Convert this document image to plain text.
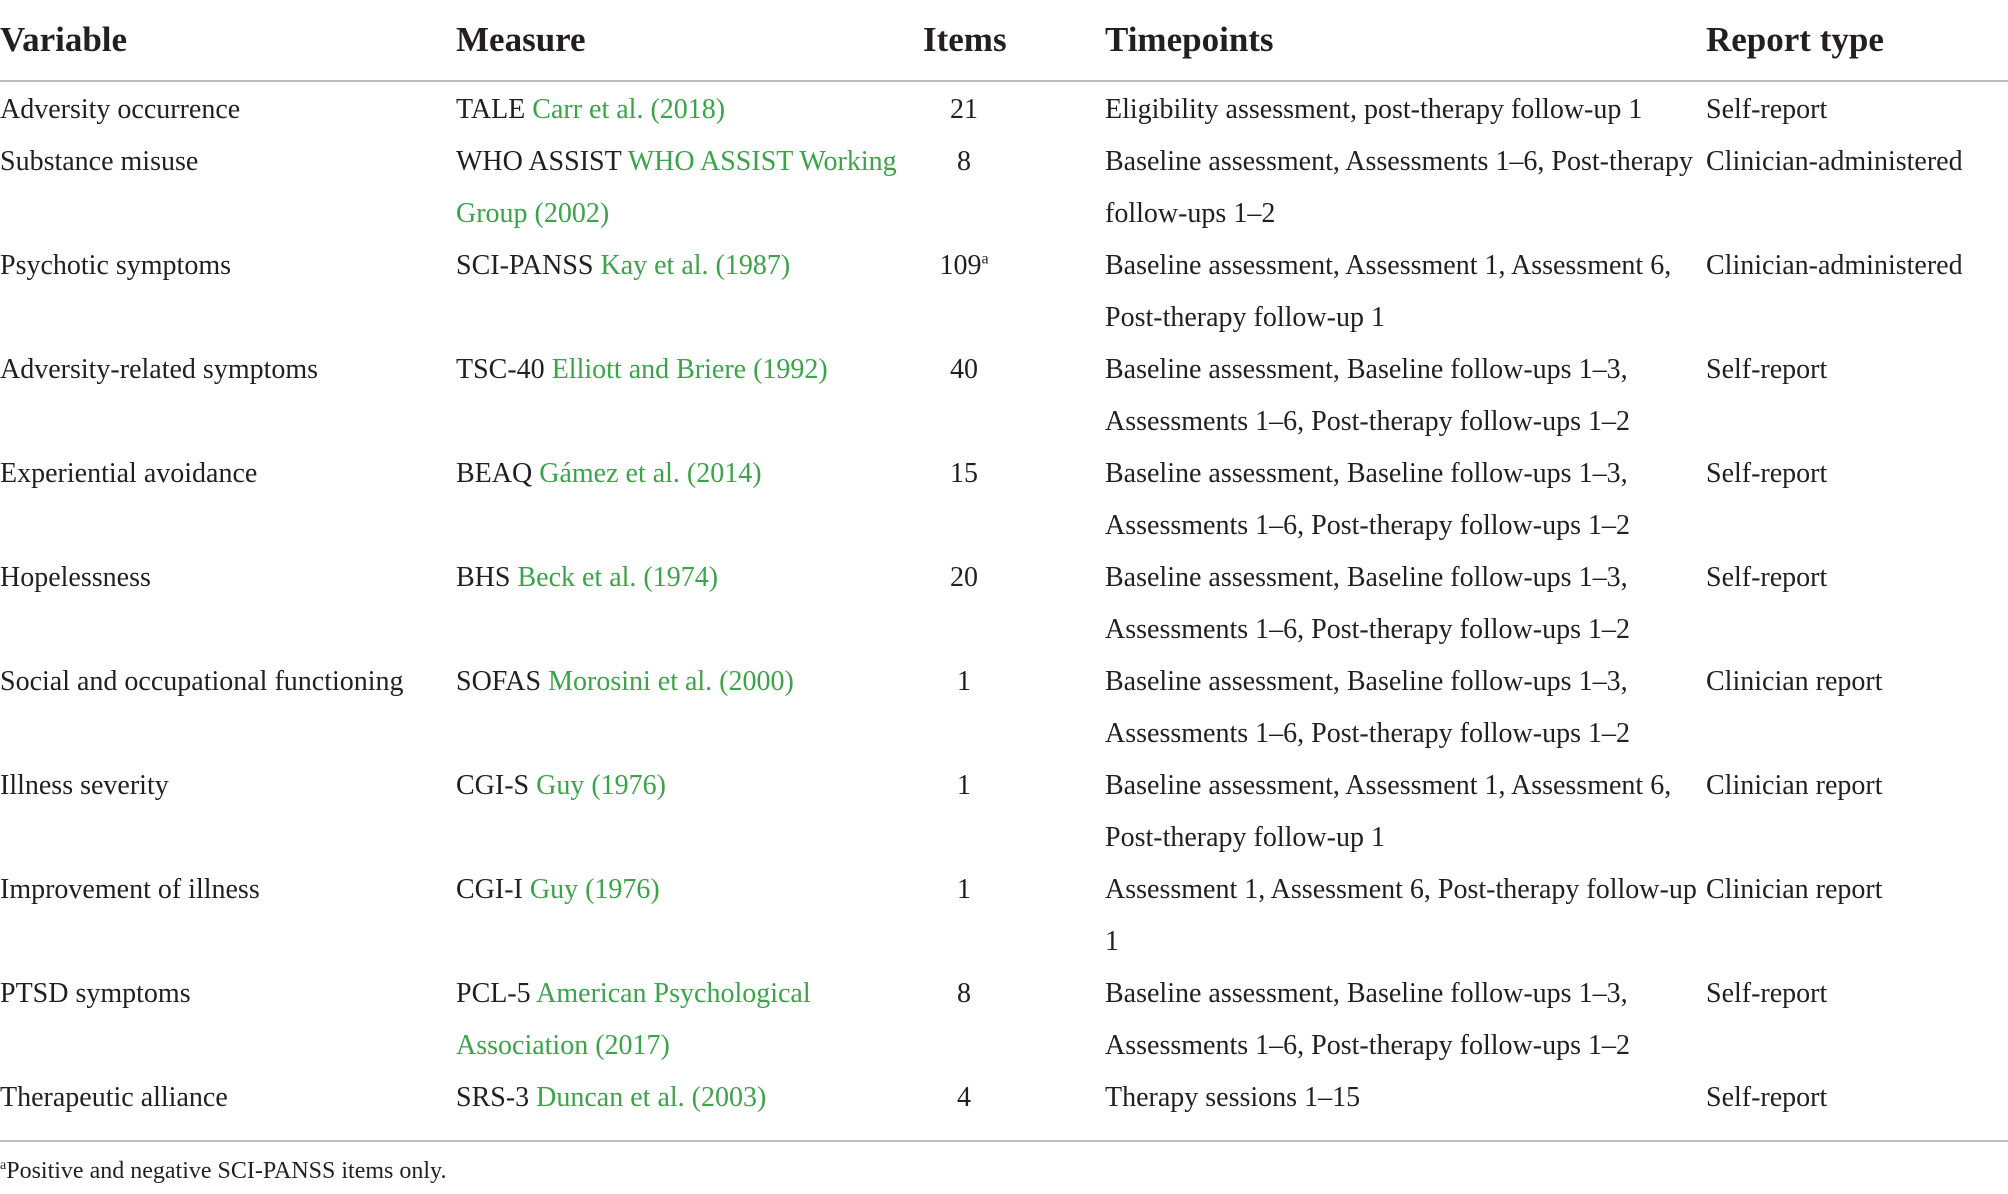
Variable	Measure	Items	Timepoints	Report type
Adversity occurrence	TALE Carr et al. (2018)	21	Eligibility assessment, post-therapy follow-up 1	Self-report
Substance misuse	WHO ASSIST WHO ASSIST Working Group (2002)	8	Baseline assessment, Assessments 1–6, Post-therapy follow-ups 1–2	Clinician-administered
Psychotic symptoms	SCI-PANSS Kay et al. (1987)	109$^a$	Baseline assessment, Assessment 1, Assessment 6, Post-therapy follow-up 1	Clinician-administered
Adversity-related symptoms	TSC-40 Elliott and Briere (1992)	40	Baseline assessment, Baseline follow-ups 1–3, Assessments 1–6, Post-therapy follow-ups 1–2	Self-report
Experiential avoidance	BEAQ Gámez et al. (2014)	15	Baseline assessment, Baseline follow-ups 1–3, Assessments 1–6, Post-therapy follow-ups 1–2	Self-report
Hopelessness	BHS Beck et al. (1974)	20	Baseline assessment, Baseline follow-ups 1–3, Assessments 1–6, Post-therapy follow-ups 1–2	Self-report
Social and occupational functioning	SOFAS Morosini et al. (2000)	1	Baseline assessment, Baseline follow-ups 1–3, Assessments 1–6, Post-therapy follow-ups 1–2	Clinician report
Illness severity	CGI-S Guy (1976)	1	Baseline assessment, Assessment 1, Assessment 6, Post-therapy follow-up 1	Clinician report
Improvement of illness	CGI-I Guy (1976)	1	Assessment 1, Assessment 6, Post-therapy follow-up 1	Clinician report
PTSD symptoms	PCL-5 American Psychological Association (2017)	8	Baseline assessment, Baseline follow-ups 1–3, Assessments 1–6, Post-therapy follow-ups 1–2	Self-report
Therapeutic alliance	SRS-3 Duncan et al. (2003)	4	Therapy sessions 1–15	Self-report
$^a$Positive and negative SCI-PANSS items only.
